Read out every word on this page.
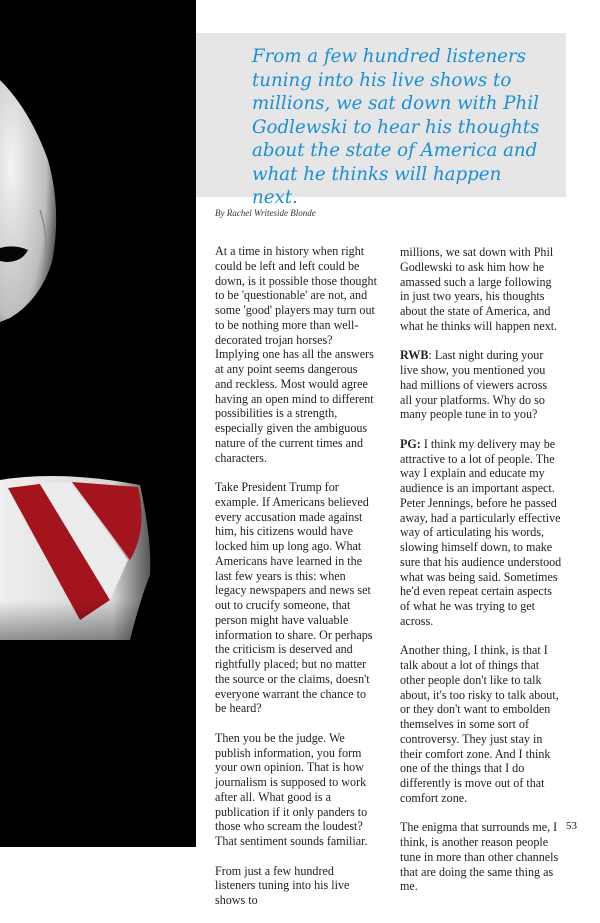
From a few hundred listeners tuning into his live shows to millions, we sat down with Phil Godlewski to hear his thoughts about the state of America and what he thinks will happen next.

By Rachel Writeside Blonde

At a time in history when right could be left and left could be down, is it possible those thought to be 'questionable' are not, and some 'good' players may turn out to be nothing more than well-decorated trojan horses? Implying one has all the answers at any point seems dangerous and reckless. Most would agree having an open mind to different possibilities is a strength, especially given the ambiguous nature of the current times and characters.

Take President Trump for example. If Americans believed every accusation made against him, his citizens would have locked him up long ago. What Americans have learned in the last few years is this: when legacy newspapers and news set out to crucify someone, that person might have valuable information to share. Or perhaps the criticism is deserved and rightfully placed; but no matter the source or the claims, doesn't everyone warrant the chance to be heard?

Then you be the judge. We publish information, you form your own opinion. That is how journalism is supposed to work after all. What good is a publication if it only panders to those who scream the loudest? That sentiment sounds familiar.

From just a few hundred listeners tuning into his live shows to

millions, we sat down with Phil Godlewski to ask him how he amassed such a large following in just two years, his thoughts about the state of America, and what he thinks will happen next.

RWB: Last night during your live show, you mentioned you had millions of viewers across all your platforms. Why do so many people tune in to you?

PG: I think my delivery may be attractive to a lot of people. The way I explain and educate my audience is an important aspect. Peter Jennings, before he passed away, had a particularly effective way of articulating his words, slowing himself down, to make sure that his audience understood what was being said. Sometimes he'd even repeat certain aspects of what he was trying to get across.

Another thing, I think, is that I talk about a lot of things that other people don't like to talk about, it's too risky to talk about, or they don't want to embolden themselves in some sort of controversy. They just stay in their comfort zone. And I think one of the things that I do differently is move out of that comfort zone.

The enigma that surrounds me, I think, is another reason people tune in more than other channels that are doing the same thing as me.

53
